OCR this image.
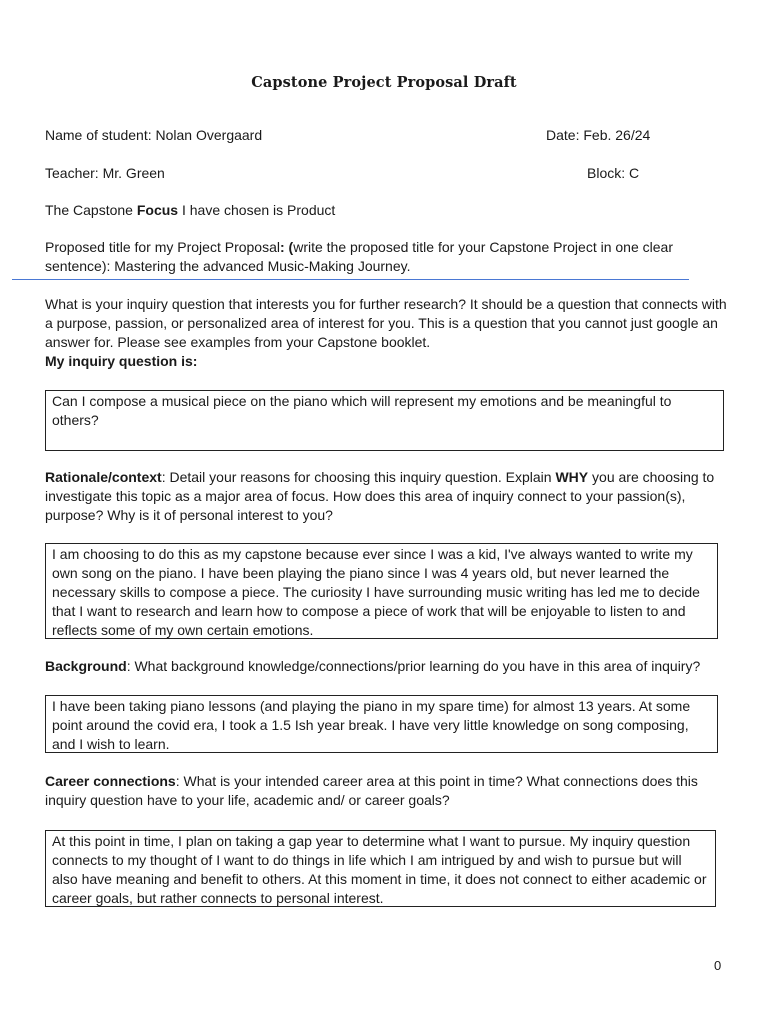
Capstone Project Proposal Draft
Name of student: Nolan Overgaard	Date: Feb. 26/24
Teacher: Mr. Green	Block: C
The Capstone Focus I have chosen is Product
Proposed title for my Project Proposal: (write the proposed title for your Capstone Project in one clear sentence): Mastering the advanced Music-Making Journey.
What is your inquiry question that interests you for further research? It should be a question that connects with a purpose, passion, or personalized area of interest for you. This is a question that you cannot just google an answer for. Please see examples from your Capstone booklet.
My inquiry question is:
Can I compose a musical piece on the piano which will represent my emotions and be meaningful to others?
Rationale/context: Detail your reasons for choosing this inquiry question. Explain WHY you are choosing to investigate this topic as a major area of focus. How does this area of inquiry connect to your passion(s), purpose? Why is it of personal interest to you?
I am choosing to do this as my capstone because ever since I was a kid, I've always wanted to write my own song on the piano. I have been playing the piano since I was 4 years old, but never learned the necessary skills to compose a piece. The curiosity I have surrounding music writing has led me to decide that I want to research and learn how to compose a piece of work that will be enjoyable to listen to and reflects some of my own certain emotions.
Background: What background knowledge/connections/prior learning do you have in this area of inquiry?
I have been taking piano lessons (and playing the piano in my spare time) for almost 13 years. At some point around the covid era, I took a 1.5 Ish year break. I have very little knowledge on song composing, and I wish to learn.
Career connections: What is your intended career area at this point in time? What connections does this inquiry question have to your life, academic and/ or career goals?
At this point in time, I plan on taking a gap year to determine what I want to pursue. My inquiry question connects to my thought of I want to do things in life which I am intrigued by and wish to pursue but will also have meaning and benefit to others. At this moment in time, it does not connect to either academic or career goals, but rather connects to personal interest.
0
